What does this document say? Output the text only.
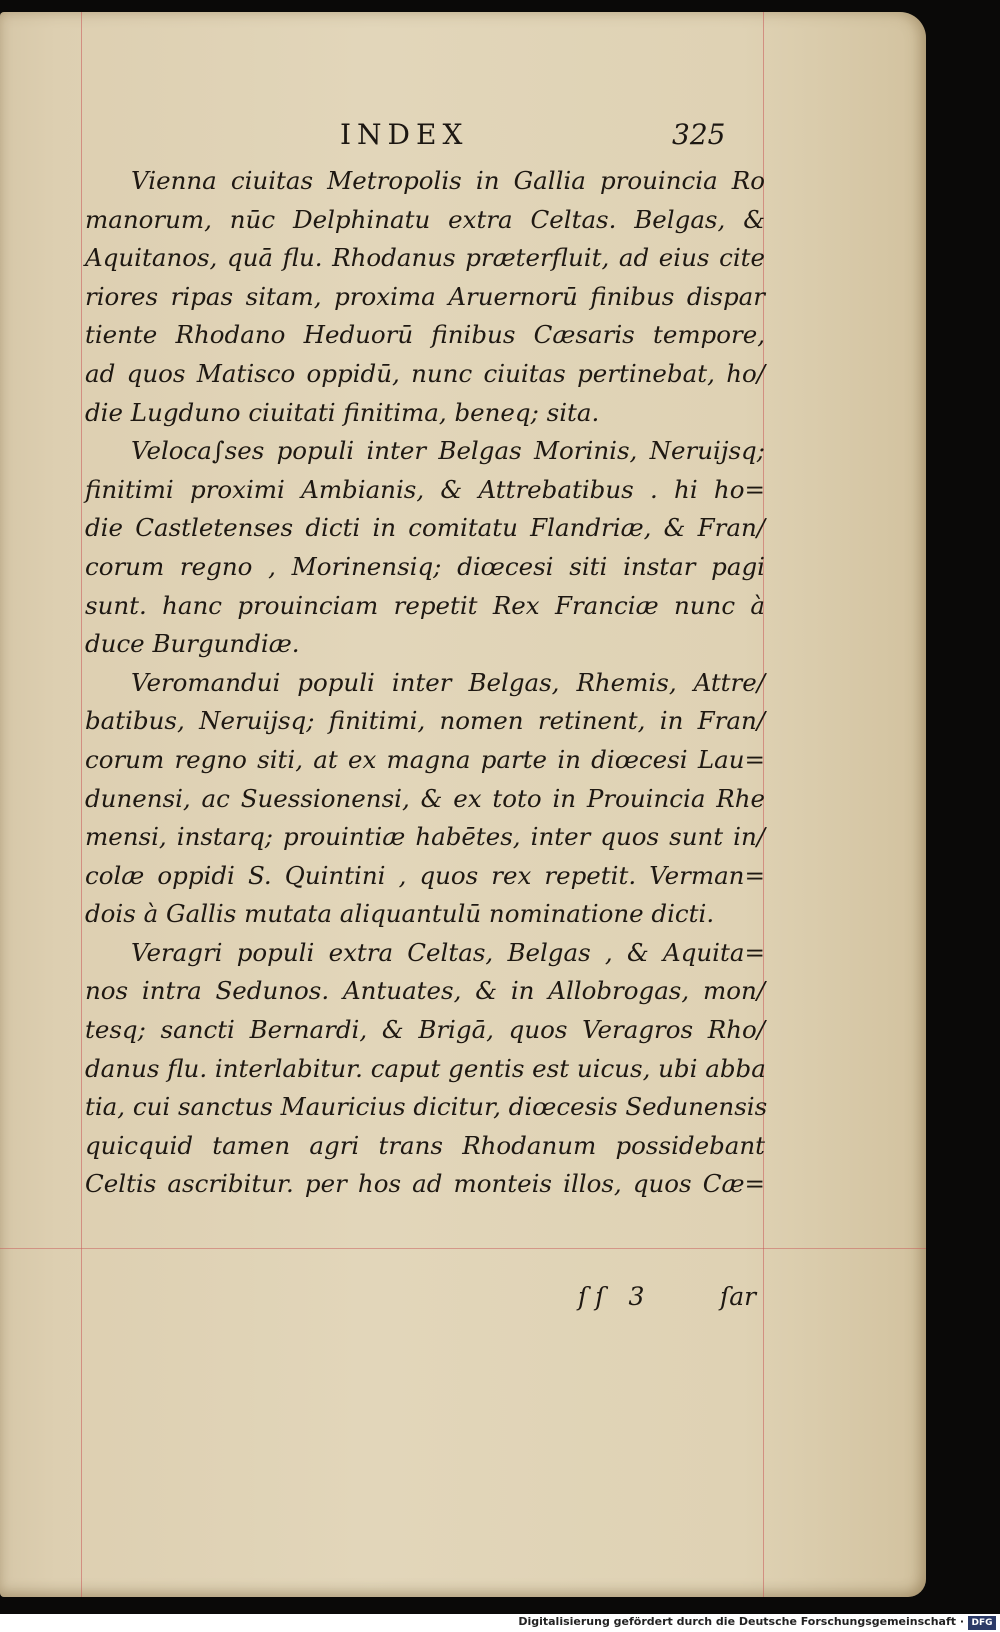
INDEX	325
Vienna ciuitas Metropolis in Gallia prouincia Ro
manorum, nūc Delphinatu extra Celtas. Belgas, &
Aquitanos, quā flu. Rhodanus præterfluit, ad eius cite
riores ripas sitam, proxima Aruernorū finibus dispar
tiente Rhodano Heduorū finibus Cæsaris tempore,
ad quos Matisco oppidū, nunc ciuitas pertinebat, ho/
die Lugduno ciuitati finitima, beneq; sita.
Veloca∫ses populi inter Belgas Morinis, Neruijsq;
finitimi proximi Ambianis, & Attrebatibus . hi ho=
die Castletenses dicti in comitatu Flandriæ, & Fran∕
corum regno , Morinensiq; diœcesi siti instar pagi
sunt. hanc prouinciam repetit Rex Franciæ nunc à
duce Burgundiæ.
Veromandui populi inter Belgas, Rhemis, Attre∕
batibus, Neruijsq; finitimi, nomen retinent, in Fran/
corum regno siti, at ex magna parte in diœcesi Lau=
dunensi, ac Suessionensi, & ex toto in Prouincia Rhe
mensi, instarq; prouintiæ habētes, inter quos sunt in∕
colæ oppidi S. Quintini , quos rex repetit. Verman=
dois à Gallis mutata aliquantulū nominatione dicti.
Veragri populi extra Celtas, Belgas , & Aquita=
nos intra Sedunos. Antuates, & in Allobrogas, mon/
tesq; sancti Bernardi, & Brigā, quos Veragros Rho/
danus flu. interlabitur. caput gentis est uicus, ubi abba
tia, cui sanctus Mauricius dicitur, diœcesis Sedunensis
quicquid tamen agri trans Rhodanum possidebant
Celtis ascribitur. per hos ad monteis illos, quos Cæ=
ſſ 3	ſar
Digitalisierung gefördert durch die Deutsche Forschungsgemeinschaft · DFG
